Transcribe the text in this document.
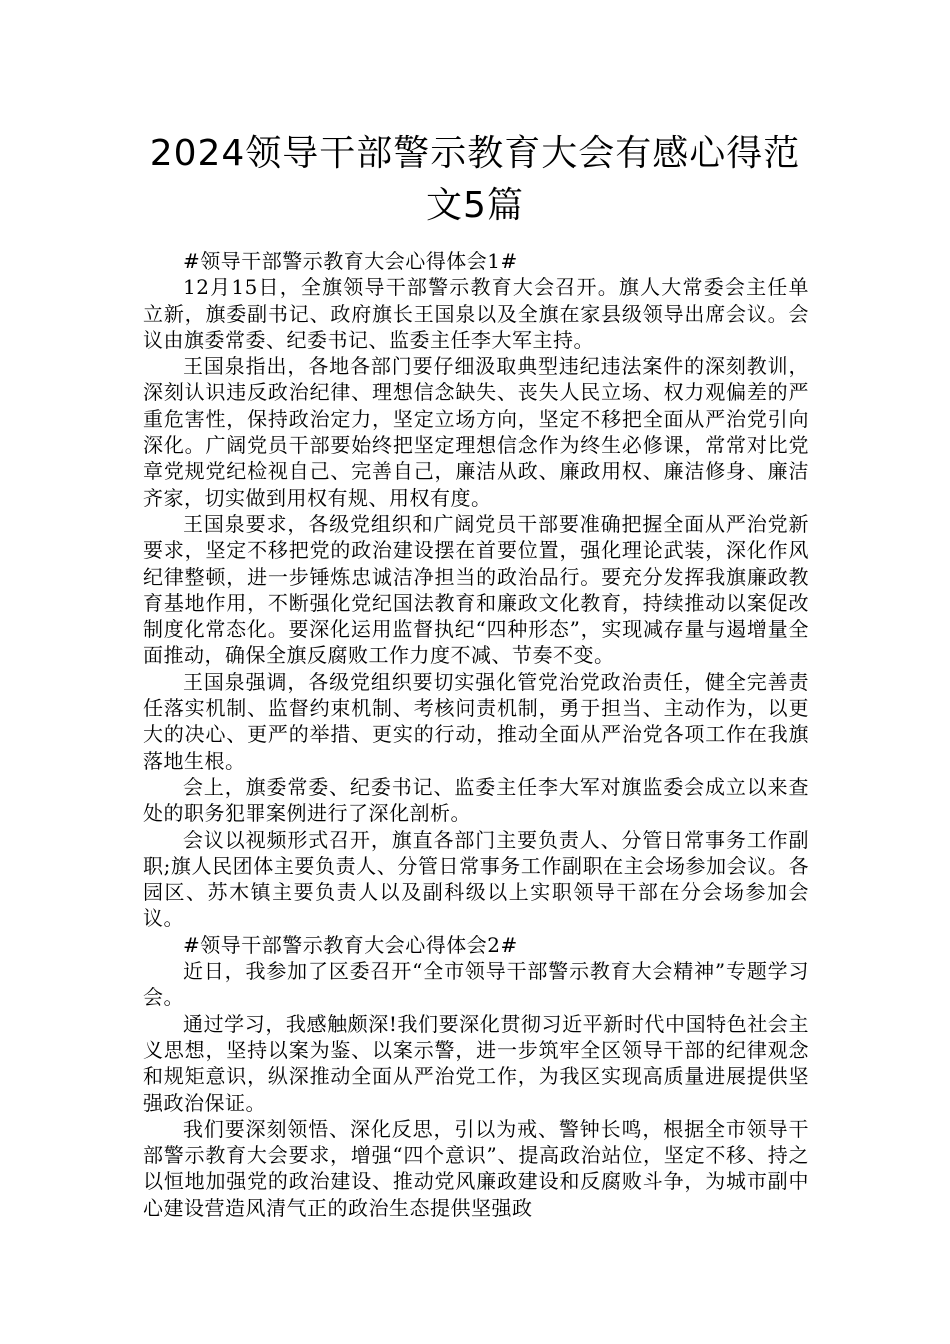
2024领导干部警示教育大会有感心得范
文5篇

#领导干部警示教育大会心得体会1#

12月15日，全旗领导干部警示教育大会召开。旗人大常委会主任单立新，旗委副书记、政府旗长王国泉以及全旗在家县级领导出席会议。会议由旗委常委、纪委书记、监委主任李大军主持。

王国泉指出，各地各部门要仔细汲取典型违纪违法案件的深刻教训，深刻认识违反政治纪律、理想信念缺失、丧失人民立场、权力观偏差的严重危害性，保持政治定力，坚定立场方向，坚定不移把全面从严治党引向深化。广阔党员干部要始终把坚定理想信念作为终生必修课，常常对比党章党规党纪检视自己、完善自己，廉洁从政、廉政用权、廉洁修身、廉洁齐家，切实做到用权有规、用权有度。

王国泉要求，各级党组织和广阔党员干部要准确把握全面从严治党新要求，坚定不移把党的政治建设摆在首要位置，强化理论武装，深化作风纪律整顿，进一步锤炼忠诚洁净担当的政治品行。要充分发挥我旗廉政教育基地作用，不断强化党纪国法教育和廉政文化教育，持续推动以案促改制度化常态化。要深化运用监督执纪“四种形态”，实现减存量与遏增量全面推动，确保全旗反腐败工作力度不减、节奏不变。

王国泉强调，各级党组织要切实强化管党治党政治责任，健全完善责任落实机制、监督约束机制、考核问责机制，勇于担当、主动作为，以更大的决心、更严的举措、更实的行动，推动全面从严治党各项工作在我旗落地生根。

会上，旗委常委、纪委书记、监委主任李大军对旗监委会成立以来查处的职务犯罪案例进行了深化剖析。

会议以视频形式召开，旗直各部门主要负责人、分管日常事务工作副职;旗人民团体主要负责人、分管日常事务工作副职在主会场参加会议。各园区、苏木镇主要负责人以及副科级以上实职领导干部在分会场参加会议。

#领导干部警示教育大会心得体会2#

近日，我参加了区委召开“全市领导干部警示教育大会精神”专题学习会。

通过学习，我感触颇深!我们要深化贯彻习近平新时代中国特色社会主义思想，坚持以案为鉴、以案示警，进一步筑牢全区领导干部的纪律观念和规矩意识，纵深推动全面从严治党工作，为我区实现高质量进展提供坚强政治保证。

我们要深刻领悟、深化反思，引以为戒、警钟长鸣，根据全市领导干部警示教育大会要求，增强“四个意识”、提高政治站位，坚定不移、持之以恒地加强党的政治建设、推动党风廉政建设和反腐败斗争，为城市副中心建设营造风清气正的政治生态提供坚强政
